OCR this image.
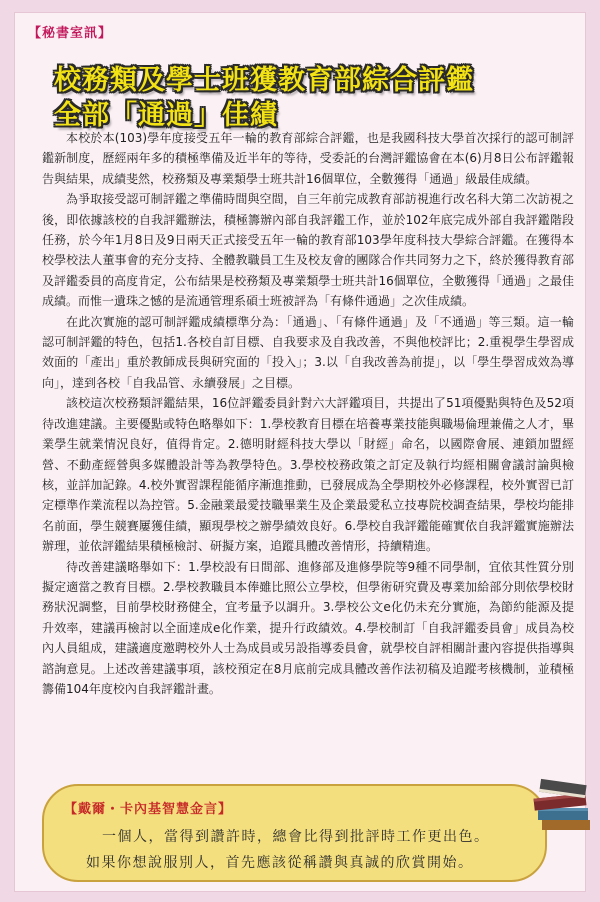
【秘書室訊】
校務類及學士班獲教育部綜合評鑑
全部「通過」佳績

本校於本(103)學年度接受五年一輪的教育部綜合評鑑，也是我國科技大學首次採行的認可制評鑑新制度，歷經兩年多的積極準備及近半年的等待，受委託的台灣評鑑協會在本(6)月8日公布評鑑報告與結果，成績斐然，校務類及專業類學士班共計16個單位，全數獲得「通過」級最佳成績。

為爭取接受認可制評鑑之準備時間與空間，自三年前完成教育部訪視進行改名科大第二次訪視之後，即依據該校的自我評鑑辦法，積極籌辦內部自我評鑑工作，並於102年底完成外部自我評鑑階段任務，於今年1月8日及9日兩天正式接受五年一輪的教育部103學年度科技大學綜合評鑑。在獲得本校學校法人董事會的充分支持、全體教職員工生及校友會的團隊合作共同努力之下，終於獲得教育部及評鑑委員的高度肯定，公布結果是校務類及專業類學士班共計16個單位，全數獲得「通過」之最佳成績。而惟一遺珠之憾的是流通管理系碩士班被評為「有條件通過」之次佳成績。

在此次實施的認可制評鑑成績標準分為：「通過」、「有條件通過」及「不通過」等三類。這一輪認可制評鑑的特色，包括1.各校自訂目標、自我要求及自我改善，不與他校評比；2.重視學生學習成效面的「產出」重於教師成長與研究面的「投入」；3.以「自我改善為前提」，以「學生學習成效為導向」，達到各校「自我品管、永續發展」之目標。

該校這次校務類評鑑結果，16位評鑑委員針對六大評鑑項目，共提出了51項優點與特色及52項待改進建議。主要優點或特色略舉如下：1.學校教育目標在培養專業技能與職場倫理兼備之人才，畢業學生就業情況良好，值得肯定。2.德明財經科技大學以「財經」命名，以國際會展、連鎖加盟經營、不動產經營與多媒體設計等為教學特色。3.學校校務政策之訂定及執行均經相關會議討論與檢核，並詳加記錄。4.校外實習課程能循序漸進推動，已發展成為全學期校外必修課程，校外實習已訂定標準作業流程以為控管。5.金融業最愛技職畢業生及企業最愛私立技專院校調查結果，學校均能排名前面，學生競賽屢獲佳績，顯現學校之辦學績效良好。6.學校自我評鑑能確實依自我評鑑實施辦法辦理，並依評鑑結果積極檢討、研擬方案，追蹤具體改善情形，持續精進。

待改善建議略舉如下：1.學校設有日間部、進修部及進修學院等9種不同學制，宜依其性質分別擬定適當之教育目標。2.學校教職員本俸雖比照公立學校，但學術研究費及專業加給部分則依學校財務狀況調整，目前學校財務健全，宜考量予以調升。3.學校公文e化仍未充分實施，為節約能源及提升效率，建議再檢討以全面達成e化作業，提升行政績效。4.學校制訂「自我評鑑委員會」成員為校內人員組成，建議適度邀聘校外人士為成員或另設指導委員會，就學校自評相關計畫內容提供指導與諮詢意見。上述改善建議事項，該校預定在8月底前完成具體改善作法初稿及追蹤考核機制，並積極籌備104年度校內自我評鑑計畫。

【戴爾・卡內基智慧金言】
一個人，當得到讚許時，總會比得到批評時工作更出色。
如果你想說服別人，首先應該從稱讚與真誠的欣賞開始。
